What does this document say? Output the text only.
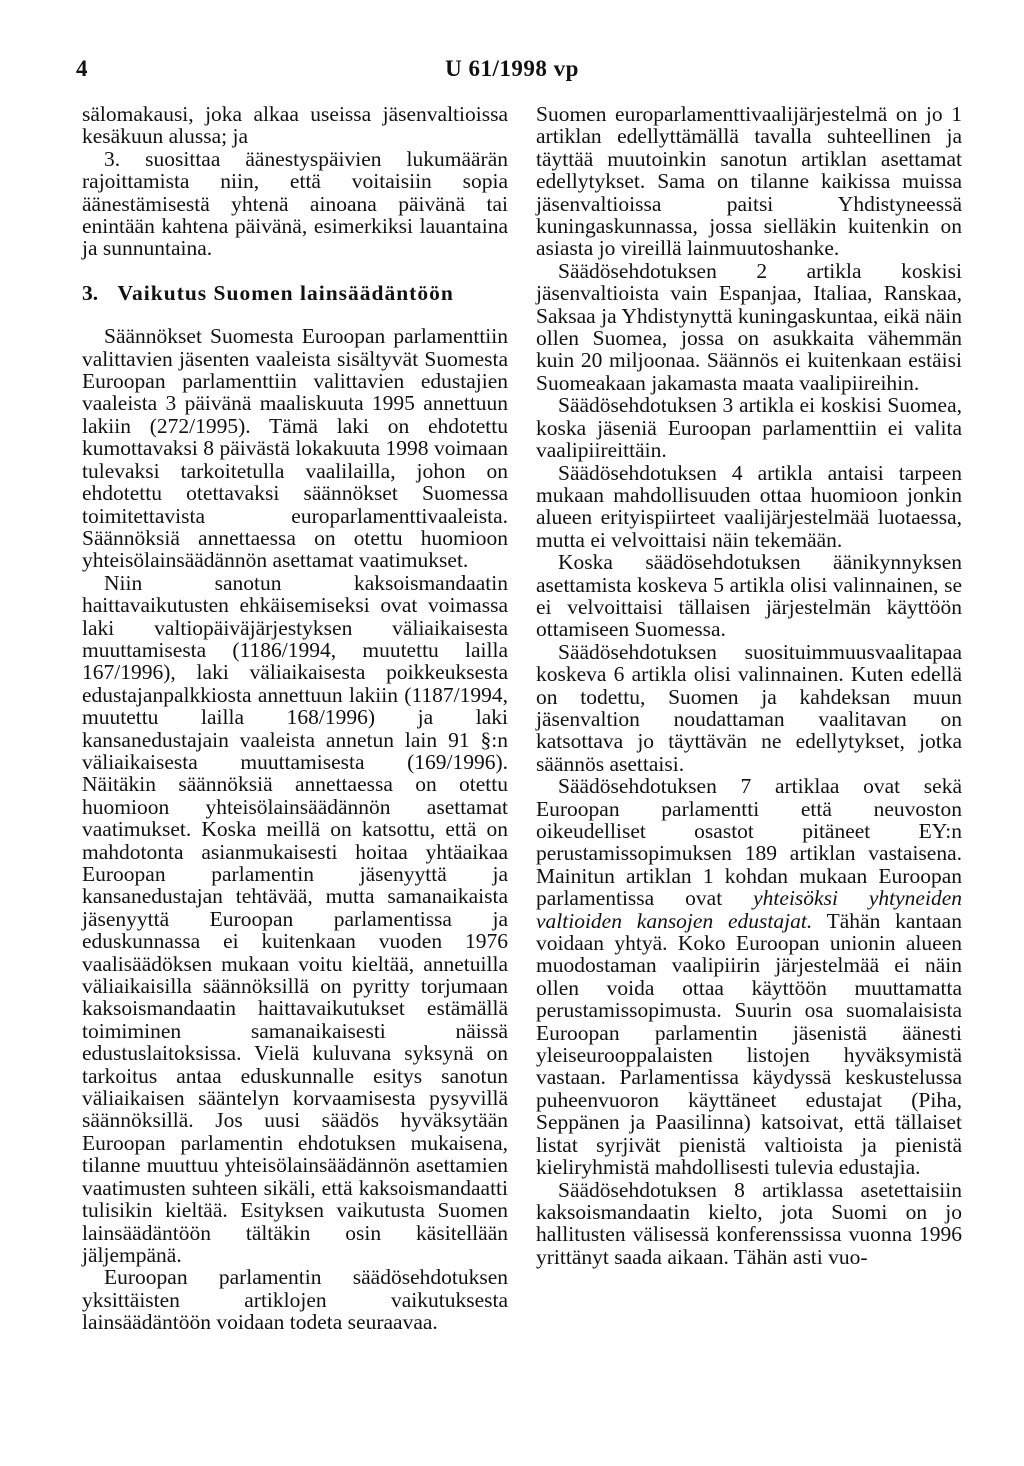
4	U 61/1998 vp

sälomakausi, joka alkaa useissa jäsenvaltioissa kesäkuun alussa; ja

3. suosittaa äänestyspäivien lukumäärän rajoittamista niin, että voitaisiin sopia äänestämisestä yhtenä ainoana päivänä tai enintään kahtena päivänä, esimerkiksi lauantaina ja sunnuntaina.

3. Vaikutus Suomen lainsäädäntöön

Säännökset Suomesta Euroopan parlamenttiin valittavien jäsenten vaaleista sisältyvät Suomesta Euroopan parlamenttiin valittavien edustajien vaaleista 3 päivänä maaliskuuta 1995 annettuun lakiin (272/1995). Tämä laki on ehdotettu kumottavaksi 8 päivästä lokakuuta 1998 voimaan tulevaksi tarkoitetulla vaalilailla, johon on ehdotettu otettavaksi säännökset Suomessa toimitettavista europarlamenttivaaleista. Säännöksiä annettaessa on otettu huomioon yhteisölainsäädännön asettamat vaatimukset.

Niin sanotun kaksoismandaatin haittavaikutusten ehkäisemiseksi ovat voimassa laki valtiopäiväjärjestyksen väliaikaisesta muuttamisesta (1186/1994, muutettu lailla 167/1996), laki väliaikaisesta poikkeuksesta edustajanpalkkiosta annettuun lakiin (1187/1994, muutettu lailla 168/1996) ja laki kansanedustajain vaaleista annetun lain 91 §:n väliaikaisesta muuttamisesta (169/1996). Näitäkin säännöksiä annettaessa on otettu huomioon yhteisölainsäädännön asettamat vaatimukset. Koska meillä on katsottu, että on mahdotonta asianmukaisesti hoitaa yhtäaikaa Euroopan parlamentin jäsenyyttä ja kansanedustajan tehtävää, mutta samanaikaista jäsenyyttä Euroopan parlamentissa ja eduskunnassa ei kuitenkaan vuoden 1976 vaalisäädöksen mukaan voitu kieltää, annetuilla väliaikaisilla säännöksillä on pyritty torjumaan kaksoismandaatin haittavaikutukset estämällä toimiminen samanaikaisesti näissä edustuslaitoksissa. Vielä kuluvana syksynä on tarkoitus antaa eduskunnalle esitys sanotun väliaikaisen sääntelyn korvaamisesta pysyvillä säännöksillä. Jos uusi säädös hyväksytään Euroopan parlamentin ehdotuksen mukaisena, tilanne muuttuu yhteisölainsäädännön asettamien vaatimusten suhteen sikäli, että kaksoismandaatti tulisikin kieltää. Esityksen vaikutusta Suomen lainsäädäntöön tältäkin osin käsitellään jäljempänä.

Euroopan parlamentin säädösehdotuksen yksittäisten artiklojen vaikutuksesta lainsäädäntöön voidaan todeta seuraavaa.

Suomen europarlamenttivaalijärjestelmä on jo 1 artiklan edellyttämällä tavalla suhteellinen ja täyttää muutoinkin sanotun artiklan asettamat edellytykset. Sama on tilanne kaikissa muissa jäsenvaltioissa paitsi Yhdistyneessä kuningaskunnassa, jossa sielläkin kuitenkin on asiasta jo vireillä lainmuutoshanke.

Säädösehdotuksen 2 artikla koskisi jäsenvaltioista vain Espanjaa, Italiaa, Ranskaa, Saksaa ja Yhdistynyttä kuningaskuntaa, eikä näin ollen Suomea, jossa on asukkaita vähemmän kuin 20 miljoonaa. Säännös ei kuitenkaan estäisi Suomeakaan jakamasta maata vaalipiireihin.

Säädösehdotuksen 3 artikla ei koskisi Suomea, koska jäseniä Euroopan parlamenttiin ei valita vaalipiireittäin.

Säädösehdotuksen 4 artikla antaisi tarpeen mukaan mahdollisuuden ottaa huomioon jonkin alueen erityispiirteet vaalijärjestelmää luotaessa, mutta ei velvoittaisi näin tekemään.

Koska säädösehdotuksen äänikynnyksen asettamista koskeva 5 artikla olisi valinnainen, se ei velvoittaisi tällaisen järjestelmän käyttöön ottamiseen Suomessa.

Säädösehdotuksen suosituimmuusvaalitapaa koskeva 6 artikla olisi valinnainen. Kuten edellä on todettu, Suomen ja kahdeksan muun jäsenvaltion noudattaman vaalitavan on katsottava jo täyttävän ne edellytykset, jotka säännös asettaisi.

Säädösehdotuksen 7 artiklaa ovat sekä Euroopan parlamentti että neuvoston oikeudelliset osastot pitäneet EY:n perustamissopimuksen 189 artiklan vastaisena. Mainitun artiklan 1 kohdan mukaan Euroopan parlamentissa ovat yhteisöksi yhtyneiden valtioiden kansojen edustajat. Tähän kantaan voidaan yhtyä. Koko Euroopan unionin alueen muodostaman vaalipiirin järjestelmää ei näin ollen voida ottaa käyttöön muuttamatta perustamissopimusta. Suurin osa suomalaisista Euroopan parlamentin jäsenistä äänesti yleiseurooppalaisten listojen hyväksymistä vastaan. Parlamentissa käydyssä keskustelussa puheenvuoron käyttäneet edustajat (Piha, Seppänen ja Paasilinna) katsoivat, että tällaiset listat syrjivät pienistä valtioista ja pienistä kieliryhmistä mahdollisesti tulevia edustajia.

Säädösehdotuksen 8 artiklassa asetettaisiin kaksoismandaatin kielto, jota Suomi on jo hallitusten välisessä konferenssissa vuonna 1996 yrittänyt saada aikaan. Tähän asti vuo-
